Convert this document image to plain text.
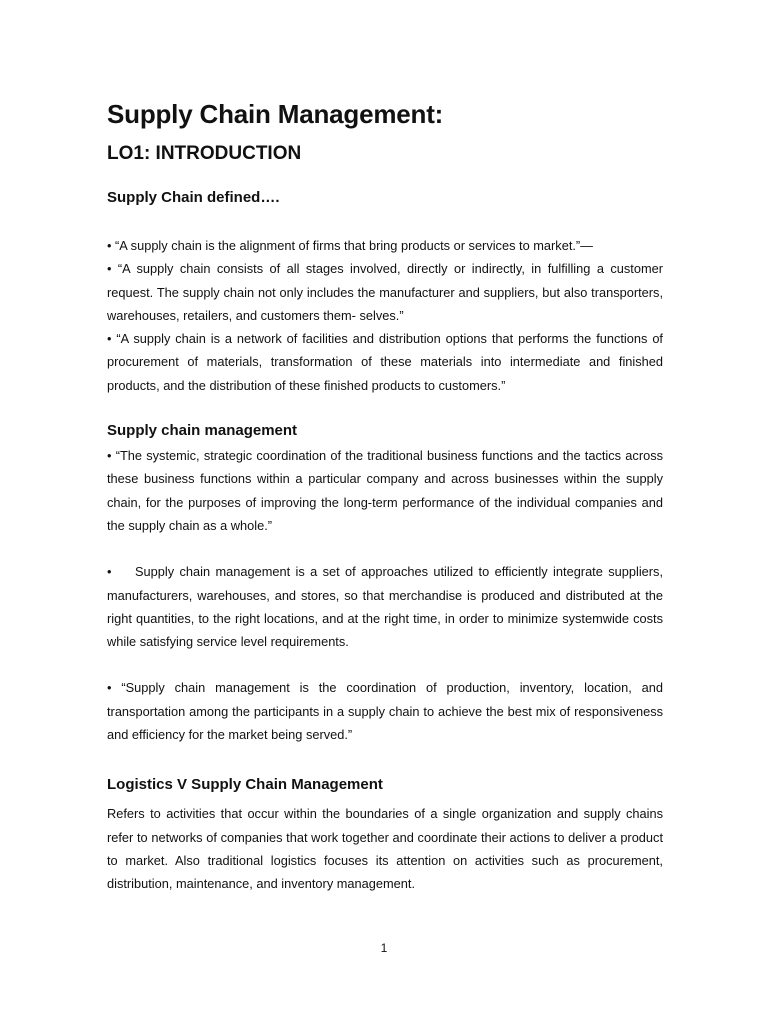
Supply Chain Management:
LO1: INTRODUCTION
Supply Chain defined….

• “A supply chain is the alignment of firms that bring products or services to market.”—

• “A supply chain consists of all stages involved, directly or indirectly, in fulfilling a customer request. The supply chain not only includes the manufacturer and suppliers, but also transporters, warehouses, retailers, and customers them- selves.”

• “A supply chain is a network of facilities and distribution options that performs the functions of procurement of materials, transformation of these materials into intermediate and finished products, and the distribution of these finished products to customers.”

Supply chain management

• “The systemic, strategic coordination of the traditional business functions and the tactics across these business functions within a particular company and across businesses within the supply chain, for the purposes of improving the long-term performance of the individual companies and the supply chain as a whole.”

• Supply chain management is a set of approaches utilized to efficiently integrate suppliers, manufacturers, warehouses, and stores, so that merchandise is produced and distributed at the right quantities, to the right locations, and at the right time, in order to minimize systemwide costs while satisfying service level requirements.

• “Supply chain management is the coordination of production, inventory, location, and transportation among the participants in a supply chain to achieve the best mix of responsiveness and efficiency for the market being served.”

Logistics V Supply Chain Management

Refers to activities that occur within the boundaries of a single organization and supply chains refer to networks of companies that work together and coordinate their actions to deliver a product to market. Also traditional logistics focuses its attention on activities such as procurement, distribution, maintenance, and inventory management.

1
